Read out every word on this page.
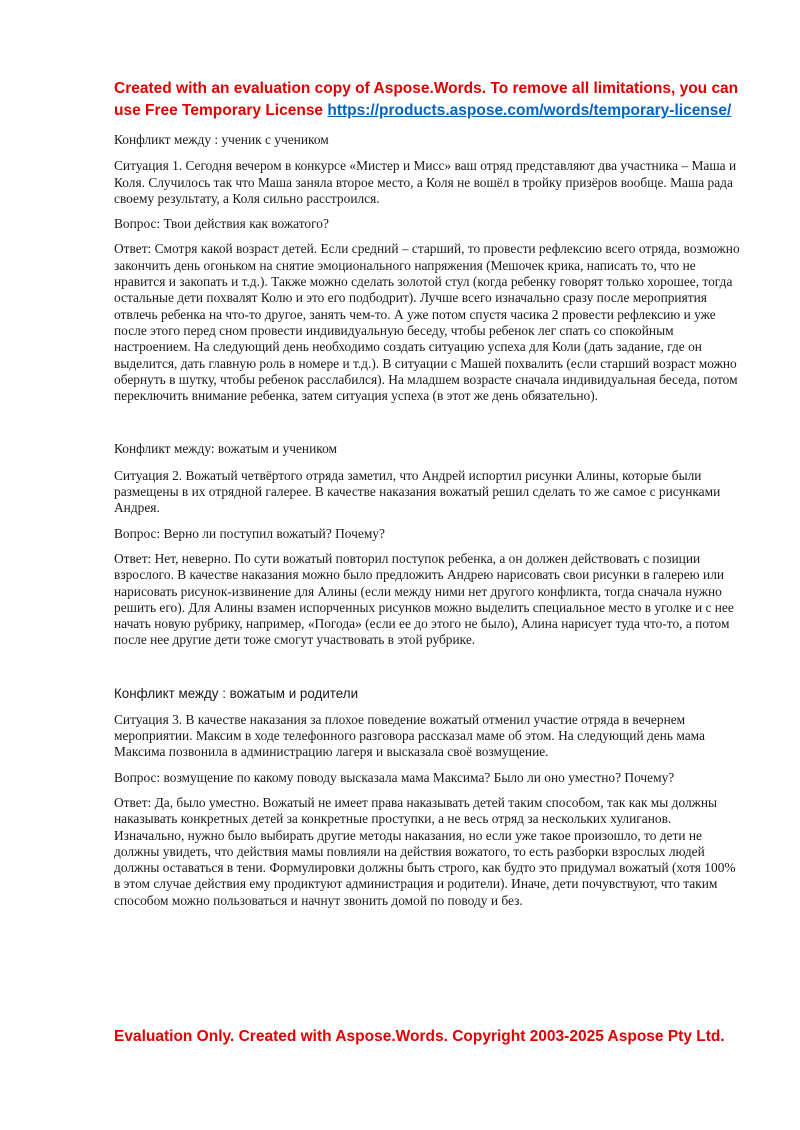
Created with an evaluation copy of Aspose.Words. To remove all limitations, you can use Free Temporary License https://products.aspose.com/words/temporary-license/

Конфликт между : ученик с учеником

Ситуация 1. Сегодня вечером в конкурсе «Мистер и Мисс» ваш отряд представляют два участника – Маша и Коля. Случилось так что Маша заняла второе место, а Коля не вошёл в тройку призёров вообще. Маша рада своему результату, а Коля сильно расстроился.

Вопрос: Твои действия как вожатого?

Ответ: Смотря какой возраст детей. Если средний – старший, то провести рефлексию всего отряда, возможно закончить день огоньком на снятие эмоционального напряжения (Мешочек крика, написать то, что не нравится и закопать и т.д.). Также можно сделать золотой стул (когда ребенку говорят только хорошее, тогда остальные дети похвалят Колю и это его подбодрит). Лучше всего изначально сразу после мероприятия отвлечь ребенка на что-то другое, занять чем-то. А уже потом спустя часика 2 провести рефлексию и уже после этого перед сном провести индивидуальную беседу, чтобы ребенок лег спать со спокойным настроением. На следующий день необходимо создать ситуацию успеха для Коли (дать задание, где он выделится, дать главную роль в номере и т.д.). В ситуации с Машей похвалить (если старший возраст можно обернуть в шутку, чтобы ребенок расслабился). На младшем возрасте сначала индивидуальная беседа, потом переключить внимание ребенка, затем ситуация успеха (в этот же день обязательно).

Конфликт между: вожатым и учеником

Ситуация 2. Вожатый четвёртого отряда заметил, что Андрей испортил рисунки Алины, которые были размещены в их отрядной галерее. В качестве наказания вожатый решил сделать то же самое с рисунками Андрея.

Вопрос: Верно ли поступил вожатый? Почему?

Ответ: Нет, неверно. По сути вожатый повторил поступок ребенка, а он должен действовать с позиции взрослого. В качестве наказания можно было предложить Андрею нарисовать свои рисунки в галерею или нарисовать рисунок-извинение для Алины (если между ними нет другого конфликта, тогда сначала нужно решить его). Для Алины взамен испорченных рисунков можно выделить специальное место в уголке и с нее начать новую рубрику, например, «Погода» (если ее до этого не было), Алина нарисует туда что-то, а потом после нее другие дети тоже смогут участвовать в этой рубрике.

Конфликт между : вожатым и родители

Ситуация 3. В качестве наказания за плохое поведение вожатый отменил участие отряда в вечернем мероприятии. Максим в ходе телефонного разговора рассказал маме об этом. На следующий день мама Максима позвонила в администрацию лагеря и высказала своё возмущение.

Вопрос: возмущение по какому поводу высказала мама Максима? Было ли оно уместно? Почему?

Ответ: Да, было уместно. Вожатый не имеет права наказывать детей таким способом, так как мы должны наказывать конкретных детей за конкретные проступки, а не весь отряд за нескольких хулиганов. Изначально, нужно было выбирать другие методы наказания, но если уже такое произошло, то дети не должны увидеть, что действия мамы повлияли на действия вожатого, то есть разборки взрослых людей должны оставаться в тени. Формулировки должны быть строго, как будто это придумал вожатый (хотя 100% в этом случае действия ему продиктуют администрация и родители). Иначе, дети почувствуют, что таким способом можно пользоваться и начнут звонить домой по поводу и без.

Evaluation Only. Created with Aspose.Words. Copyright 2003-2025 Aspose Pty Ltd.
